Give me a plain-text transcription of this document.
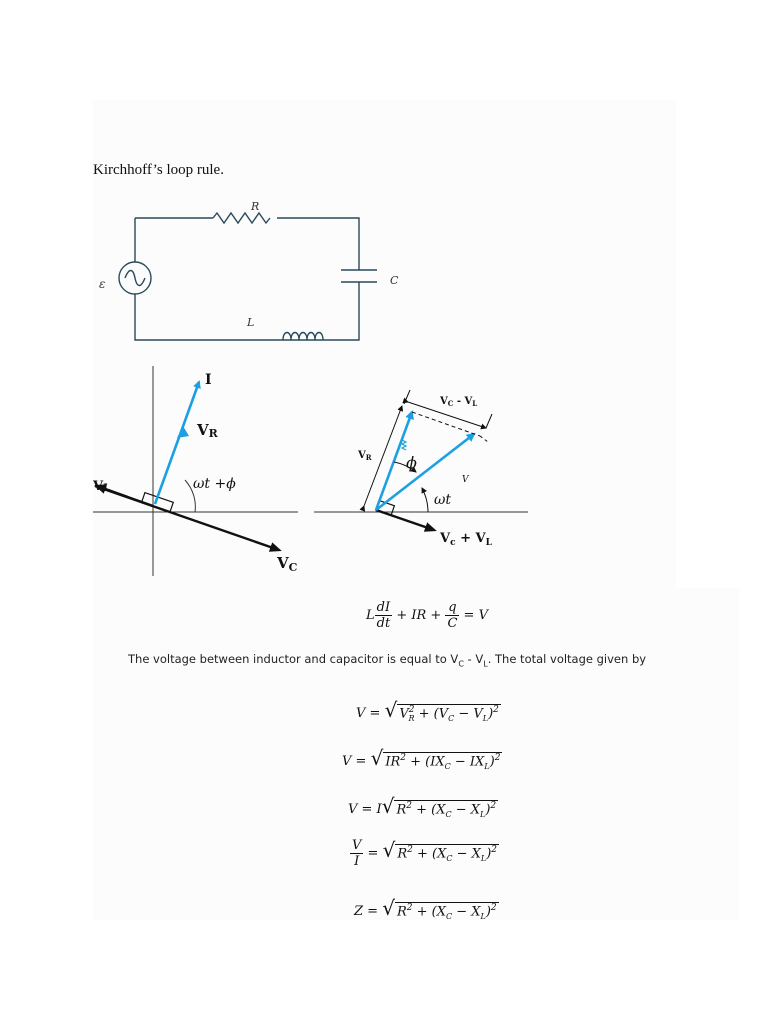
Kirchhoff’s loop rule.
R
L
C
ε
I
VR
ωt +ϕ
VL
$V_C$
$V_C - V_L$
$V_R$ ϕ
V
ωt
$V_c + V_L$
L $\frac{dI}{dt}$ + IR + $\frac{q}{C} = V$
The voltage between inductor and capacitor is equal to $V_C - V_L$. The total voltage given by
V = √ $V^2_R + (V_C - V_L)^2$
V = √ $IR^2 + (IX_C - IX_L)^2$
V = I√ $R^2 + (X_C - X_L)^2$
$\frac{V}{I}$ = √ $R^2 + (X_C - X_L)^2$
Z = √ $R^2 + (X_C - X_L)^2$
